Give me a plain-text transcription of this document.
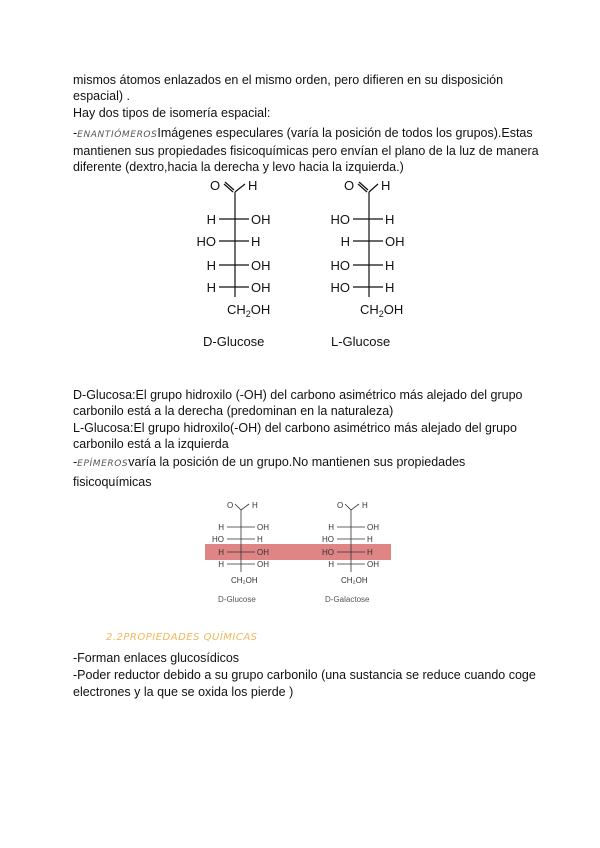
mismos átomos enlazados en el mismo orden, pero difieren en su disposición
espacial) .
Hay dos tipos de isomería espacial:
-ENANTIÓMEROSImágenes especulares (varía la posición de todos los grupos).Estas
mantienen sus propiedades fisicoquímicas pero envían el plano de la luz de manera
diferente (dextro,hacia la derecha y levo hacia la izquierda.)
O H
H	OH
HO	H
H	OH
H	OH
$CH_2OH$
D-Glucose
O H
HO	H
H	OH
HO	H
HO	H
$CH_2OH$
L-Glucose
D-Glucosa:El grupo hidroxilo (-OH) del carbono asimétrico más alejado del grupo
carbonilo está a la derecha (predominan en la naturaleza)
L-Glucosa:El grupo hidroxilo(-OH) del carbono asimétrico más alejado del grupo
carbonilo está a la izquierda
-EPÍMEROSvaría la posición de un grupo.No mantienen sus propiedades
fisicoquímicas
O H
H	OH
HO	H
H	OH
H	OH
CH₂OH
D-Glucose
O H
H	OH
HO	H
HO	H
H	OH
CH₂OH
D-Galactose
2.2PROPIEDADES QUÍMICAS
-Forman enlaces glucosídicos
-Poder reductor debido a su grupo carbonilo (una sustancia se reduce cuando coge
electrones y la que se oxida los pierde )
